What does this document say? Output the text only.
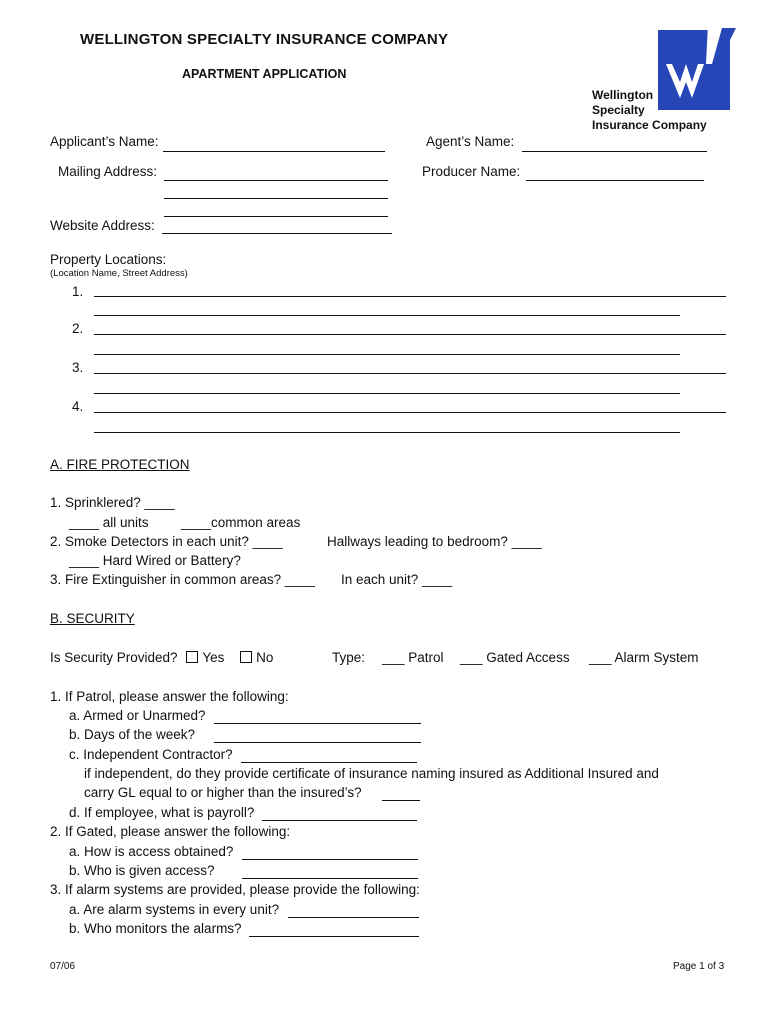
WELLINGTON SPECIALTY INSURANCE COMPANY
APARTMENT APPLICATION
Wellington
Specialty
Insurance Company
Applicant’s Name:	Agent’s Name:
Mailing Address:	Producer Name:
Website Address:
Property Locations:
(Location Name, Street Address)
1.
2.
3.
4.
A. FIRE PROTECTION
1. Sprinklered? ____
____ all units ____common areas
2. Smoke Detectors in each unit? ____	Hallways leading to bedroom? ____
____ Hard Wired or Battery?
3. Fire Extinguisher in common areas? ____ In each unit? ____
B. SECURITY
Is Security Provided? Yes No	Type: ___ Patrol ___ Gated Access ___ Alarm System
1. If Patrol, please answer the following:
a. Armed or Unarmed?
b. Days of the week?
c. Independent Contractor?
if independent, do they provide certificate of insurance naming insured as Additional Insured and
carry GL equal to or higher than the insured’s?
d. If employee, what is payroll?
2. If Gated, please answer the following:
a. How is access obtained?
b. Who is given access?
3. If alarm systems are provided, please provide the following:
a. Are alarm systems in every unit?
b. Who monitors the alarms?
07/06	Page 1 of 3
